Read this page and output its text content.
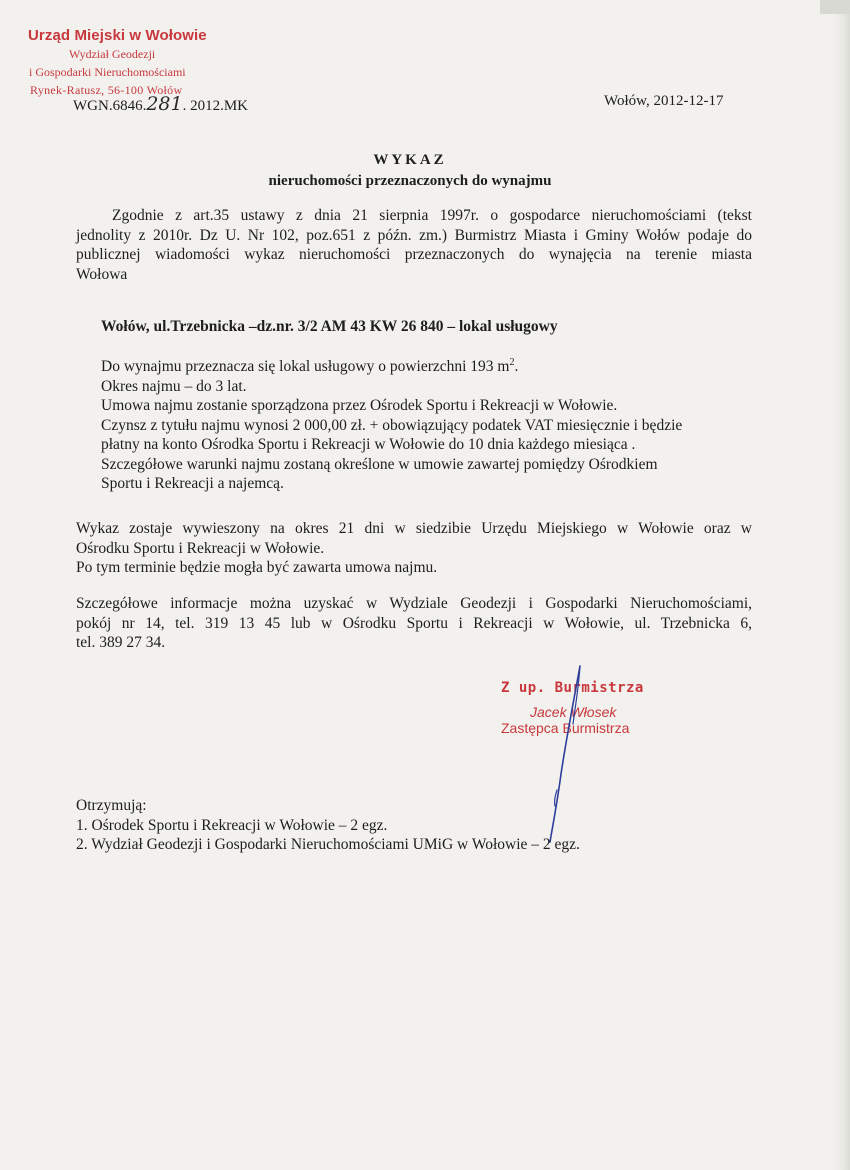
Urząd Miejski w Wołowie
Wydział Geodezji
i Gospodarki Nieruchomościami
Rynek-Ratusz, 56-100 Wołów
WGN.6846.281. 2012.MK	Wołów, 2012-12-17
WYKAZ
nieruchomości przeznaczonych do wynajmu
Zgodnie z art.35 ustawy z dnia 21 sierpnia 1997r. o gospodarce nieruchomościami (tekst
jednolity z 2010r. Dz U. Nr 102, poz.651 z późn. zm.) Burmistrz Miasta i Gminy Wołów podaje do
publicznej wiadomości wykaz nieruchomości przeznaczonych do wynajęcia na terenie miasta
Wołowa
Wołów, ul.Trzebnicka –dz.nr. 3/2 AM 43 KW 26 840 – lokal usługowy
Do wynajmu przeznacza się lokal usługowy o powierzchni 193 $m^2$.
Okres najmu – do 3 lat.
Umowa najmu zostanie sporządzona przez Ośrodek Sportu i Rekreacji w Wołowie.
Czynsz z tytułu najmu wynosi 2 000,00 zł. + obowiązujący podatek VAT miesięcznie i będzie
płatny na konto Ośrodka Sportu i Rekreacji w Wołowie do 10 dnia każdego miesiąca .
Szczegółowe warunki najmu zostaną określone w umowie zawartej pomiędzy Ośrodkiem
Sportu i Rekreacji a najemcą.
Wykaz zostaje wywieszony na okres 21 dni w siedzibie Urzędu Miejskiego w Wołowie oraz w
Ośrodku Sportu i Rekreacji w Wołowie.
Po tym terminie będzie mogła być zawarta umowa najmu.
Szczegółowe informacje można uzyskać w Wydziale Geodezji i Gospodarki Nieruchomościami,
pokój nr 14, tel. 319 13 45 lub w Ośrodku Sportu i Rekreacji w Wołowie, ul. Trzebnicka 6,
tel. 389 27 34.
Z up. Burmistrza
Jacek Włosek
Zastępca Burmistrza
Otrzymują:
1. Ośrodek Sportu i Rekreacji w Wołowie – 2 egz.
2. Wydział Geodezji i Gospodarki Nieruchomościami UMiG w Wołowie – 2 egz.
